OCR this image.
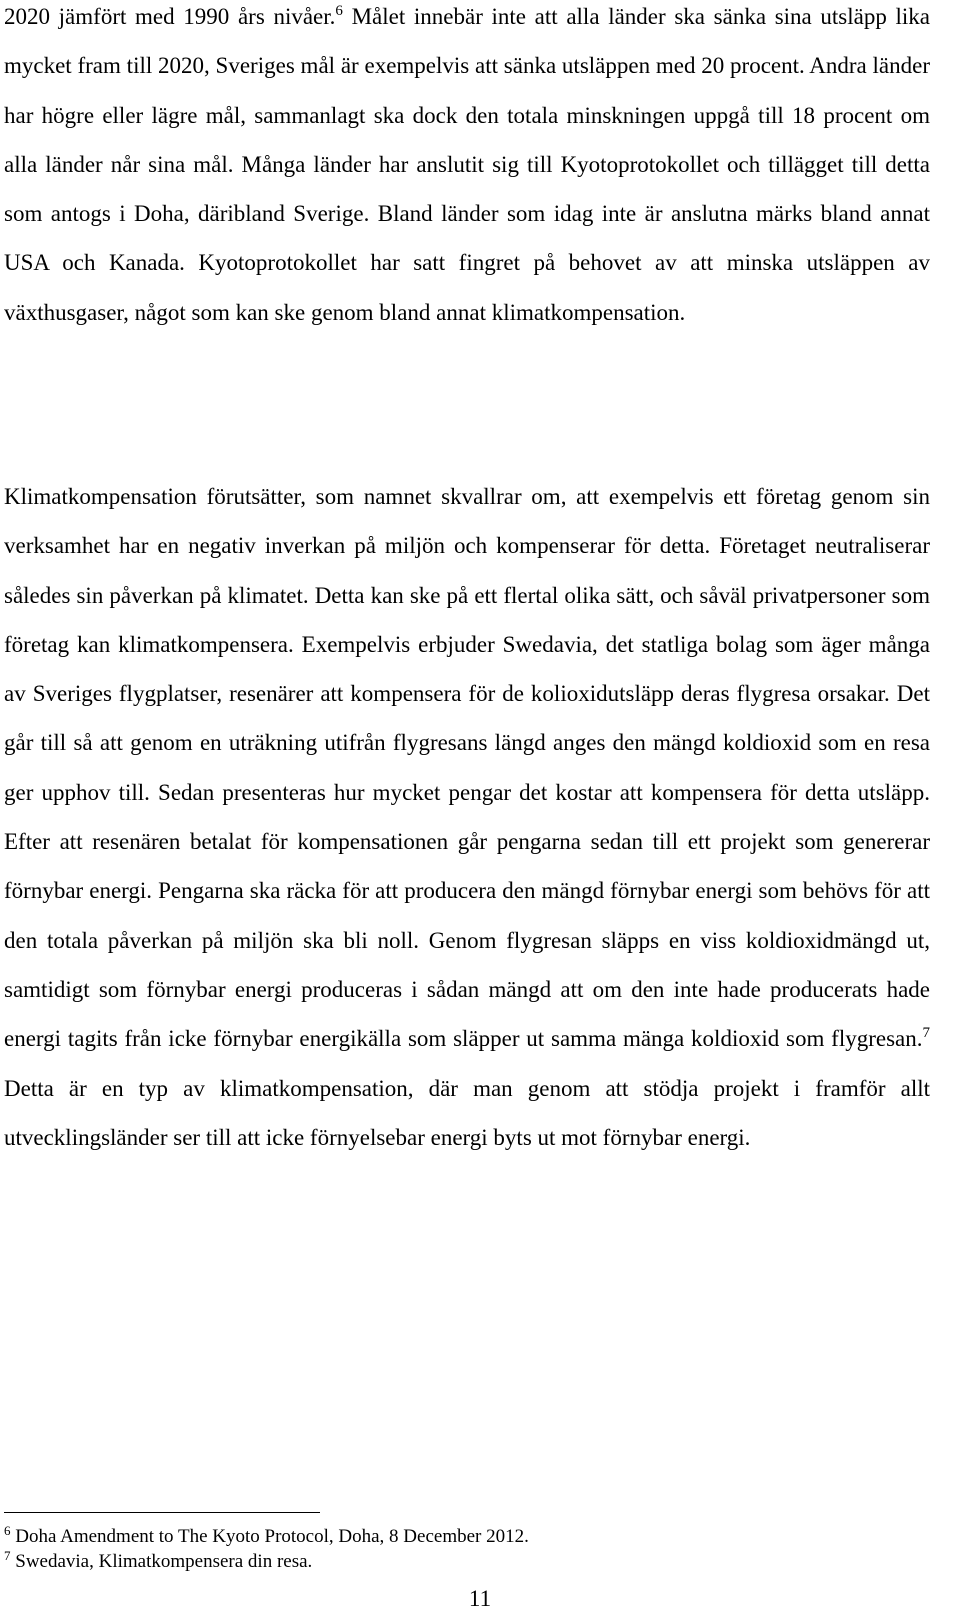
2020 jämfört med 1990 års nivåer.$^6$ Målet innebär inte att alla länder ska sänka sina utsläpp lika mycket fram till 2020, Sveriges mål är exempelvis att sänka utsläppen med 20 procent. Andra länder har högre eller lägre mål, sammanlagt ska dock den totala minskningen uppgå till 18 procent om alla länder når sina mål. Många länder har anslutit sig till Kyotoprotokollet och tillägget till detta som antogs i Doha, däribland Sverige. Bland länder som idag inte är anslutna märks bland annat USA och Kanada. Kyotoprotokollet har satt fingret på behovet av att minska utsläppen av växthusgaser, något som kan ske genom bland annat klimatkompensation.

Klimatkompensation förutsätter, som namnet skvallrar om, att exempelvis ett företag genom sin verksamhet har en negativ inverkan på miljön och kompenserar för detta. Företaget neutraliserar således sin påverkan på klimatet. Detta kan ske på ett flertal olika sätt, och såväl privatpersoner som företag kan klimatkompensera. Exempelvis erbjuder Swedavia, det statliga bolag som äger många av Sveriges flygplatser, resenärer att kompensera för de kolioxidutsläpp deras flygresa orsakar. Det går till så att genom en uträkning utifrån flygresans längd anges den mängd koldioxid som en resa ger upphov till. Sedan presenteras hur mycket pengar det kostar att kompensera för detta utsläpp. Efter att resenären betalat för kompensationen går pengarna sedan till ett projekt som genererar förnybar energi. Pengarna ska räcka för att producera den mängd förnybar energi som behövs för att den totala påverkan på miljön ska bli noll. Genom flygresan släpps en viss koldioxidmängd ut, samtidigt som förnybar energi produceras i sådan mängd att om den inte hade producerats hade energi tagits från icke förnybar energikälla som släpper ut samma mänga koldioxid som flygresan.$^7$ Detta är en typ av klimatkompensation, där man genom att stödja projekt i framför allt utvecklingsländer ser till att icke förnyelsebar energi byts ut mot förnybar energi.

$^6$ Doha Amendment to The Kyoto Protocol, Doha, 8 December 2012.

$^7$ Swedavia, Klimatkompensera din resa.

11
